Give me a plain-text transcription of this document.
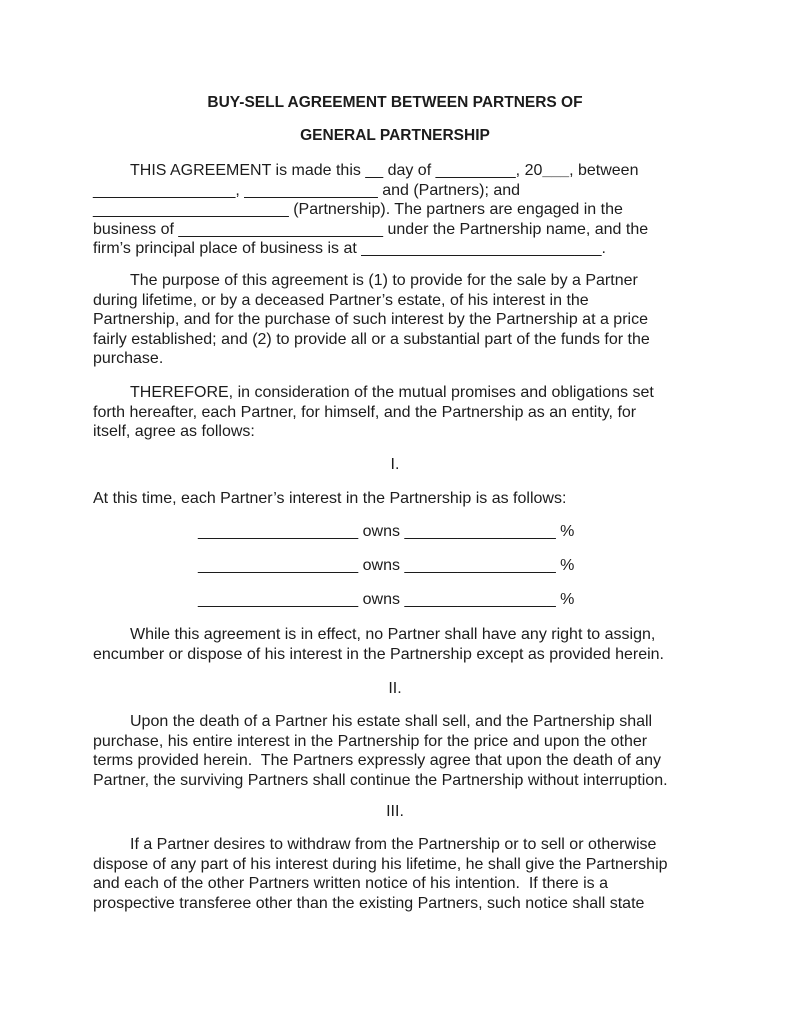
BUY-SELL AGREEMENT BETWEEN PARTNERS OF
GENERAL PARTNERSHIP
THIS AGREEMENT is made this __ day of _________, 20___, between
________________, _______________ and (Partners); and
______________________ (Partnership). The partners are engaged in the
business of _______________________ under the Partnership name, and the
firm’s principal place of business is at ___________________________.
The purpose of this agreement is (1) to provide for the sale by a Partner
during lifetime, or by a deceased Partner’s estate, of his interest in the
Partnership, and for the purchase of such interest by the Partnership at a price
fairly established; and (2) to provide all or a substantial part of the funds for the
purchase.
THEREFORE, in consideration of the mutual promises and obligations set
forth hereafter, each Partner, for himself, and the Partnership as an entity, for
itself, agree as follows:
I.
At this time, each Partner’s interest in the Partnership is as follows:
__________________ owns _________________ %
__________________ owns _________________ %
__________________ owns _________________ %
While this agreement is in effect, no Partner shall have any right to assign,
encumber or dispose of his interest in the Partnership except as provided herein.
II.
Upon the death of a Partner his estate shall sell, and the Partnership shall
purchase, his entire interest in the Partnership for the price and upon the other
terms provided herein.  The Partners expressly agree that upon the death of any
Partner, the surviving Partners shall continue the Partnership without interruption.
III.
If a Partner desires to withdraw from the Partnership or to sell or otherwise
dispose of any part of his interest during his lifetime, he shall give the Partnership
and each of the other Partners written notice of his intention.  If there is a
prospective transferee other than the existing Partners, such notice shall state
